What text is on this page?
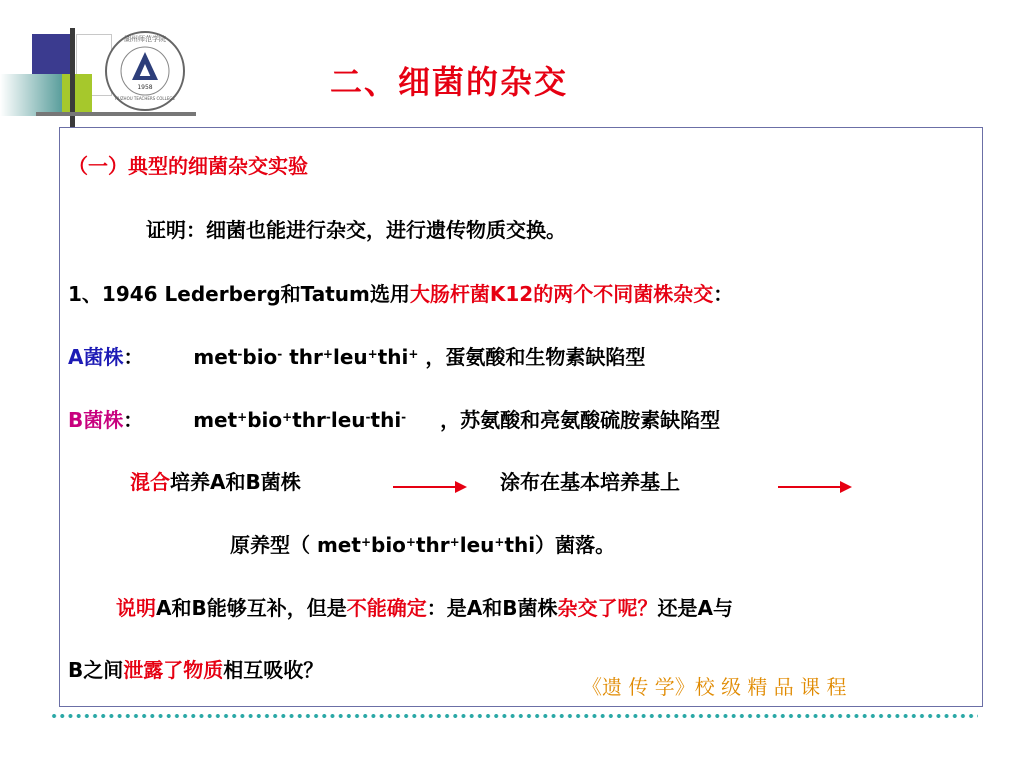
湖州师范学院
HUZHOU TEACHERS COLLEGE
1958	二、细菌的杂交
（一）典型的细菌杂交实验
证明：细菌也能进行杂交，进行遗传物质交换。
1、1946 Lederberg和Tatum选用大肠杆菌K12的两个不同菌株杂交：
A菌株： met-bio- thr+leu+thi+ ，蛋氨酸和生物素缺陷型
B菌株： met+bio+thr-leu-thi- ，苏氨酸和亮氨酸硫胺素缺陷型
混合培养A和B菌株	涂布在基本培养基上
原养型（ met+bio+thr+leu+thi）菌落。
说明A和B能够互补，但是不能确定：是A和B菌株杂交了呢？还是A与
B之间泄露了物质相互吸收？
《遗 传 学》校 级 精 品 课 程
